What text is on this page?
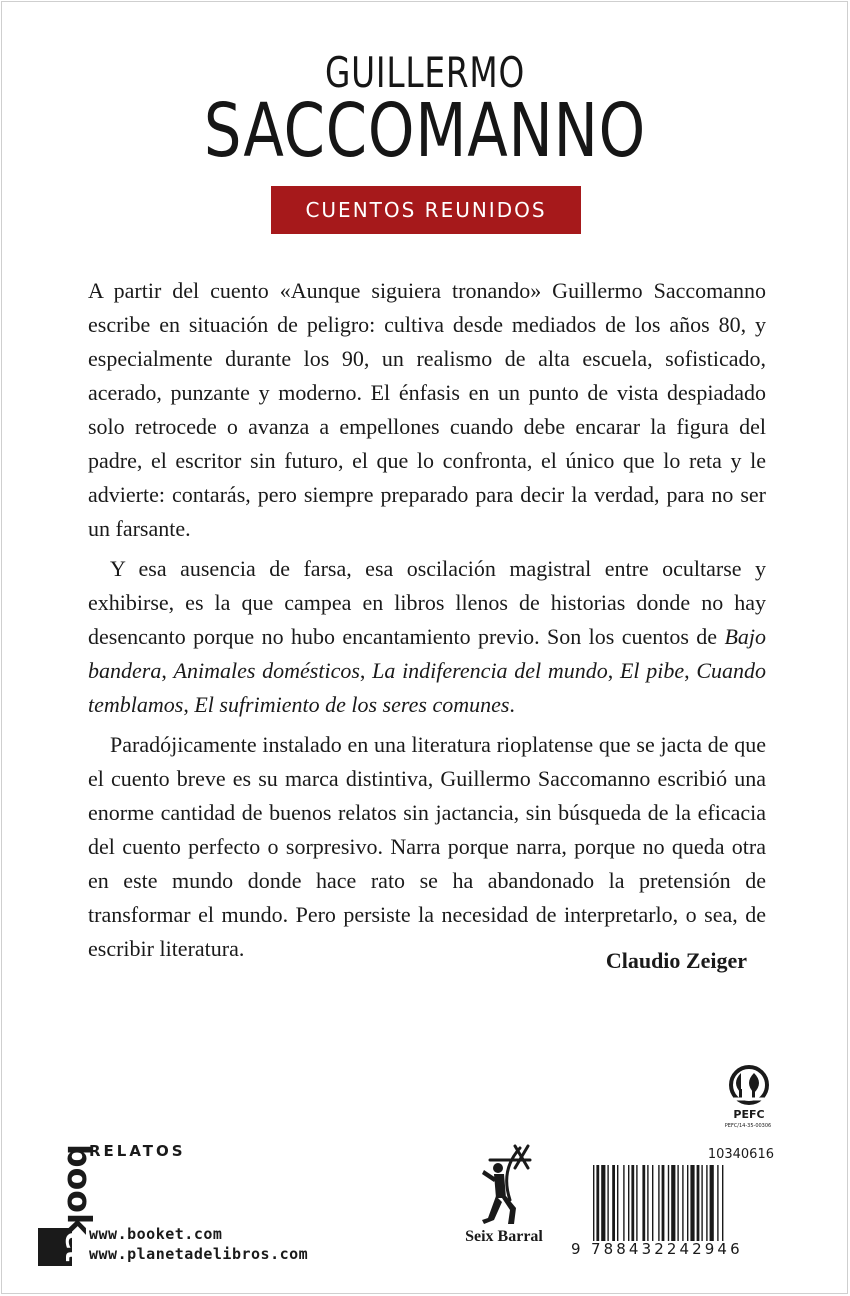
GUILLERMO
SACCOMANNO
CUENTOS REUNIDOS

A partir del cuento «Aunque siguiera tronando» Guillermo Saccomanno escribe en situación de peligro: cultiva desde mediados de los años 80, y especialmente durante los 90, un realismo de alta escuela, sofisticado, acerado, punzante y moderno. El énfasis en un punto de vista despiadado solo retrocede o avanza a empellones cuando debe encarar la figura del padre, el escritor sin futuro, el que lo confronta, el único que lo reta y le advierte: contarás, pero siempre preparado para decir la verdad, para no ser un farsante.

Y esa ausencia de farsa, esa oscilación magistral entre ocultarse y exhibirse, es la que campea en libros llenos de historias donde no hay desencanto porque no hubo encantamiento previo. Son los cuentos de Bajo bandera, Animales domésticos, La indiferencia del mundo, El pibe, Cuando temblamos, El sufrimiento de los seres comunes.

Paradójicamente instalado en una literatura rioplatense que se jacta de que el cuento breve es su marca distintiva, Guillermo Saccomanno escribió una enorme cantidad de buenos relatos sin jactancia, sin búsqueda de la eficacia del cuento perfecto o sorpresivo. Narra porque narra, porque no queda otra en este mundo donde hace rato se ha abandonado la pretensión de transformar el mundo. Pero persiste la necesidad de interpretarlo, o sea, de escribir literatura.	Claudio Zeiger
book
et
RELATOS
www.booket.com
www.planetadelibros.com
Seix Barral
PEFC
PEFC/14-35-00306
10340616
9 788432242946
